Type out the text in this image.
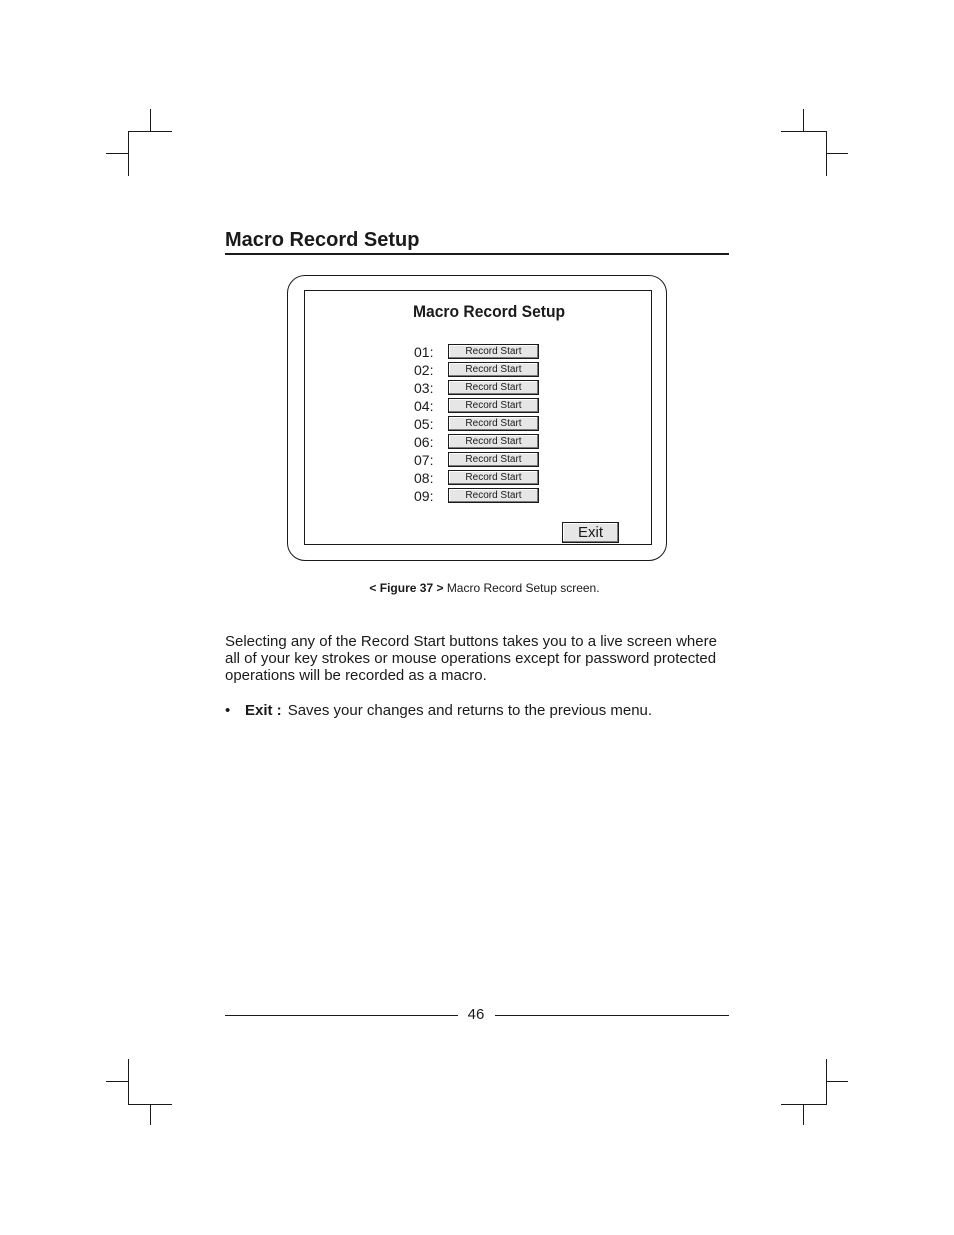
Macro Record Setup
Macro Record Setup
01:	Record Start
02:	Record Start
03:	Record Start
04:	Record Start
05:	Record Start
06:	Record Start
07:	Record Start
08:	Record Start
09:	Record Start
Exit

< Figure 37 > Macro Record Setup screen.

Selecting any of the Record Start buttons takes you to a live screen where all of your key strokes or mouse operations except for password protected operations will be recorded as a macro.

• Exit : Saves your changes and returns to the previous menu.

46
